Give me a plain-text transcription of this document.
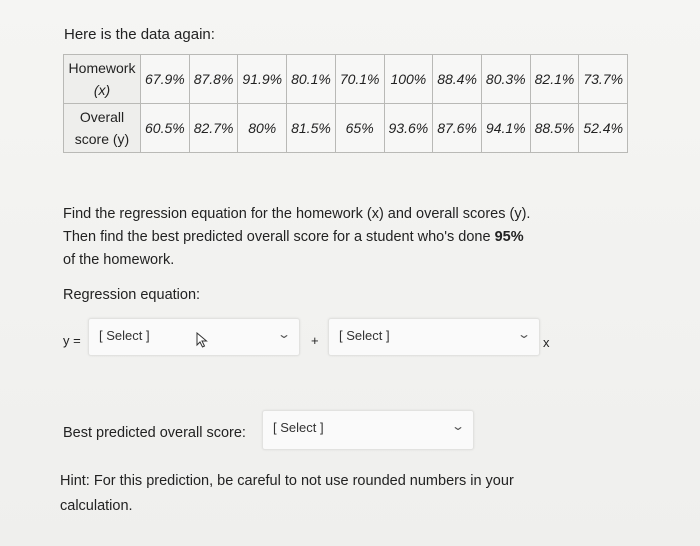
Here is the data again:
Homework
(x)	67.9%	87.8%	91.9%	80.1%	70.1%	100%	88.4%	80.3%	82.1%	73.7%

Overall
score (y)	60.5%	82.7%	80%	81.5%	65%	93.6%	87.6%	94.1%	88.5%	52.4%
Find the regression equation for the homework (x) and overall scores (y).
Then find the best predicted overall score for a student who's done 95%
of the homework.
Regression equation:
y = [ Select ]	⌄ + [ Select ]	⌄
x
Best predicted overall score: [ Select ]	⌄
Hint: For this prediction, be careful to not use rounded numbers in your
calculation.
